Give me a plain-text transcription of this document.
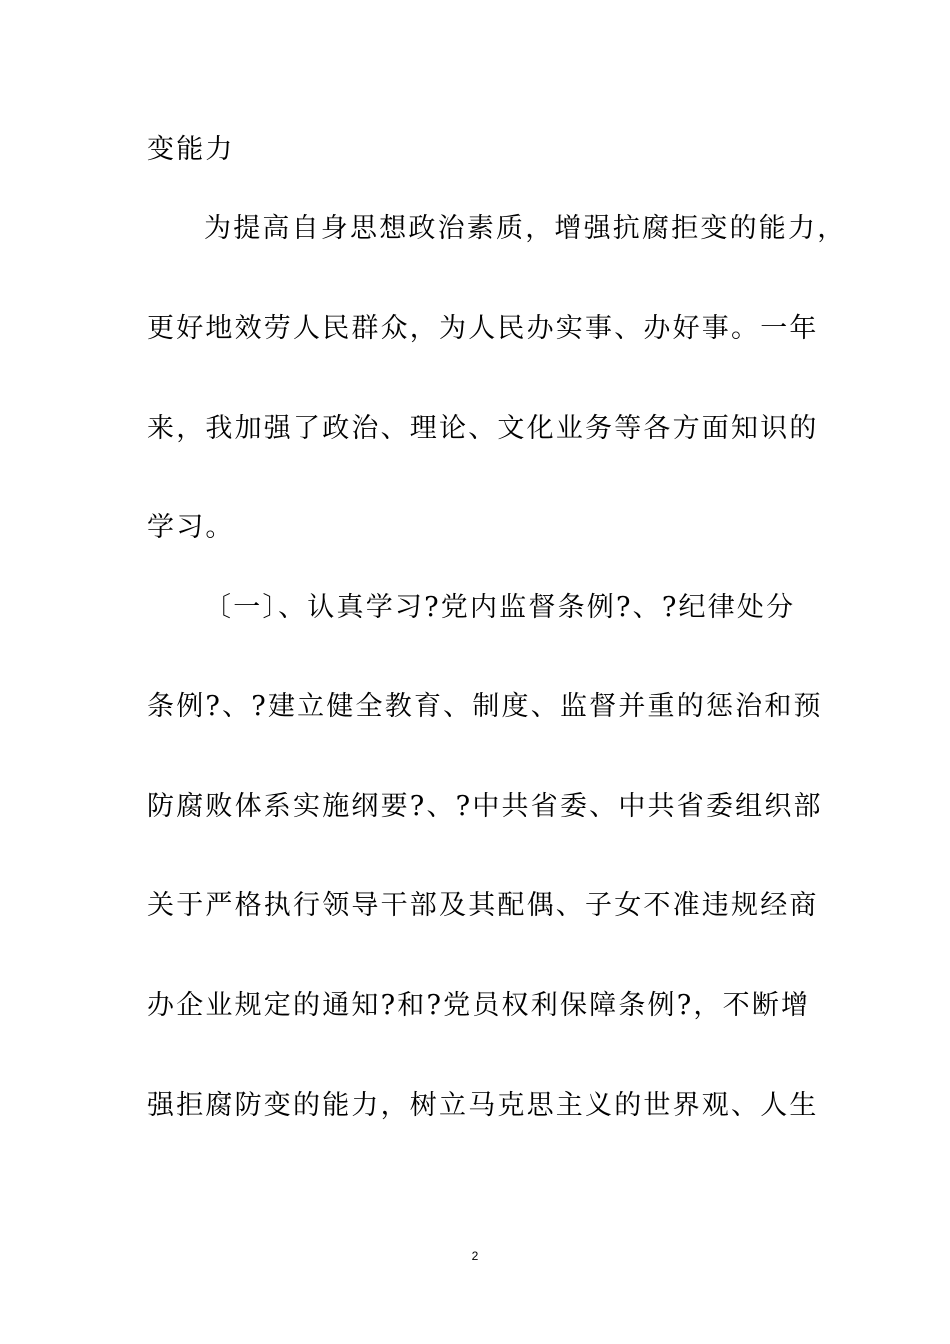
变能力

为提高自身思想政治素质，增强抗腐拒变的能力，

更好地效劳人民群众，为人民办实事、办好事。一年

来，我加强了政治、理论、文化业务等各方面知识的

学习。

〔一〕、认真学习?党内监督条例?、?纪律处分

条例?、?建立健全教育、制度、监督并重的惩治和预

防腐败体系实施纲要?、?中共省委、中共省委组织部

关于严格执行领导干部及其配偶、子女不准违规经商

办企业规定的通知?和?党员权利保障条例?，不断增

强拒腐防变的能力，树立马克思主义的世界观、人生

2
